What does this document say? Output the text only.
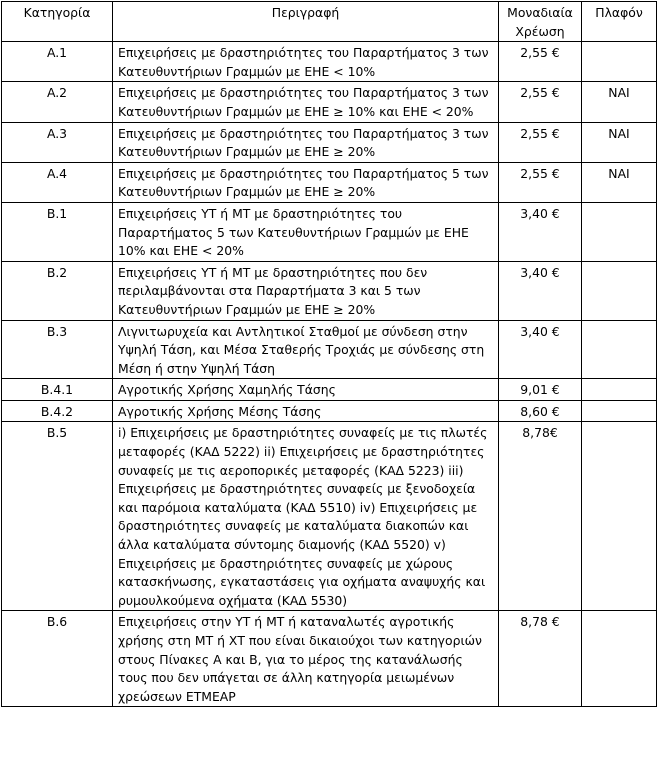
Κατηγορία	Περιγραφή	Μοναδιαία Χρέωση	Πλαφόν
A.1	Επιχειρήσεις με δραστηριότητες του Παραρτήματος 3 των Κατευθυντήριων Γραμμών με ΕΗΕ < 10%	2,55 €	
A.2	Επιχειρήσεις με δραστηριότητες του Παραρτήματος 3 των Κατευθυντήριων Γραμμών με ΕΗΕ ≥ 10% και ΕΗΕ < 20%	2,55 €	ΝΑΙ
A.3	Επιχειρήσεις με δραστηριότητες του Παραρτήματος 3 των Κατευθυντήριων Γραμμών με ΕΗΕ ≥ 20%	2,55 €	ΝΑΙ
A.4	Επιχειρήσεις με δραστηριότητες του Παραρτήματος 5 των Κατευθυντήριων Γραμμών με ΕΗΕ ≥ 20%	2,55 €	ΝΑΙ
B.1	Επιχειρήσεις ΥΤ ή ΜΤ με δραστηριότητες του Παραρτήματος 5 των Κατευθυντήριων Γραμμών με ΕΗΕ 10% και ΕΗΕ < 20%	3,40 €	
B.2	Επιχειρήσεις ΥΤ ή ΜΤ με δραστηριότητες που δεν περιλαμβάνονται στα Παραρτήματα 3 και 5 των Κατευθυντήριων Γραμμών με ΕΗΕ ≥ 20%	3,40 €	
B.3	Λιγνιτωρυχεία και Αντλητικοί Σταθμοί με σύνδεση στην Υψηλή Τάση, και Μέσα Σταθερής Τροχιάς με σύνδεσης στη Μέση ή στην Υψηλή Τάση	3,40 €	
B.4.1	Αγροτικής Χρήσης Χαμηλής Τάσης	9,01 €	
B.4.2	Αγροτικής Χρήσης Μέσης Τάσης	8,60 €	
B.5	i) Επιχειρήσεις με δραστηριότητες συναφείς με τις πλωτές μεταφορές (ΚΑΔ 5222) ii) Επιχειρήσεις με δραστηριότητες συναφείς με τις αεροπορικές μεταφορές (ΚΑΔ 5223) iii) Επιχειρήσεις με δραστηριότητες συναφείς με ξενοδοχεία και παρόμοια καταλύματα (ΚΑΔ 5510) iv) Επιχειρήσεις με δραστηριότητες συναφείς με καταλύματα διακοπών και άλλα καταλύματα σύντομης διαμονής (ΚΑΔ 5520) v) Επιχειρήσεις με δραστηριότητες συναφείς με χώρους κατασκήνωσης, εγκαταστάσεις για οχήματα αναψυχής και ρυμουλκούμενα οχήματα (ΚΑΔ 5530)	8,78€	
B.6	Επιχειρήσεις στην ΥΤ ή ΜΤ ή καταναλωτές αγροτικής χρήσης στη ΜΤ ή ΧΤ που είναι δικαιούχοι των κατηγοριών στους Πίνακες Α και Β, για το μέρος της κατανάλωσής τους που δεν υπάγεται σε άλλη κατηγορία μειωμένων χρεώσεων ΕΤΜΕΑΡ	8,78 €	
